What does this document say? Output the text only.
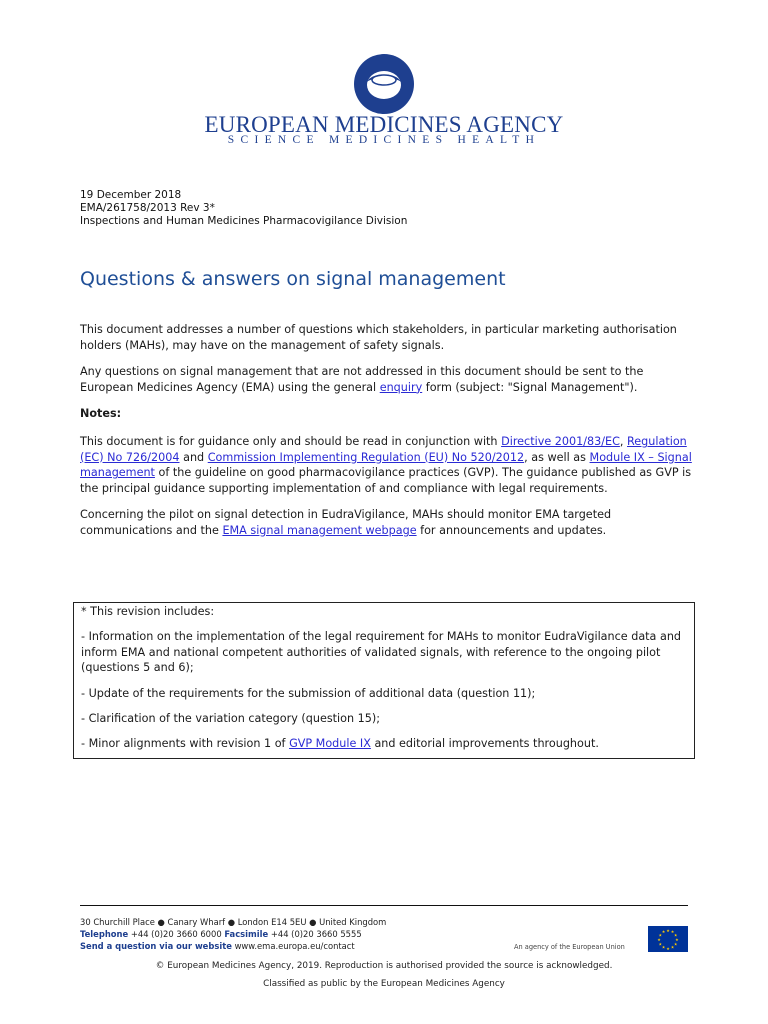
EUROPEAN MEDICINES AGENCY
SCIENCE MEDICINES HEALTH
19 December 2018
EMA/261758/2013 Rev 3*
Inspections and Human Medicines Pharmacovigilance Division
Questions & answers on signal management

This document addresses a number of questions which stakeholders, in particular marketing authorisation holders (MAHs), may have on the management of safety signals.

Any questions on signal management that are not addressed in this document should be sent to the European Medicines Agency (EMA) using the general enquiry form (subject: "Signal Management").

Notes:

This document is for guidance only and should be read in conjunction with Directive 2001/83/EC, Regulation (EC) No 726/2004 and Commission Implementing Regulation (EU) No 520/2012, as well as Module IX – Signal management of the guideline on good pharmacovigilance practices (GVP). The guidance published as GVP is the principal guidance supporting implementation of and compliance with legal requirements.

Concerning the pilot on signal detection in EudraVigilance, MAHs should monitor EMA targeted communications and the EMA signal management webpage for announcements and updates.

* This revision includes:

- Information on the implementation of the legal requirement for MAHs to monitor EudraVigilance data and inform EMA and national competent authorities of validated signals, with reference to the ongoing pilot (questions 5 and 6);

- Update of the requirements for the submission of additional data (question 11);

- Clarification of the variation category (question 15);

- Minor alignments with revision 1 of GVP Module IX and editorial improvements throughout.

30 Churchill Place ● Canary Wharf ● London E14 5EU ● United Kingdom
Telephone +44 (0)20 3660 6000 Facsimile +44 (0)20 3660 5555
Send a question via our website www.ema.europa.eu/contact	An agency of the European Union
★ ★
★
★
★
★
★
★
★
★
★
★
© European Medicines Agency, 2019. Reproduction is authorised provided the source is acknowledged.
Classified as public by the European Medicines Agency
